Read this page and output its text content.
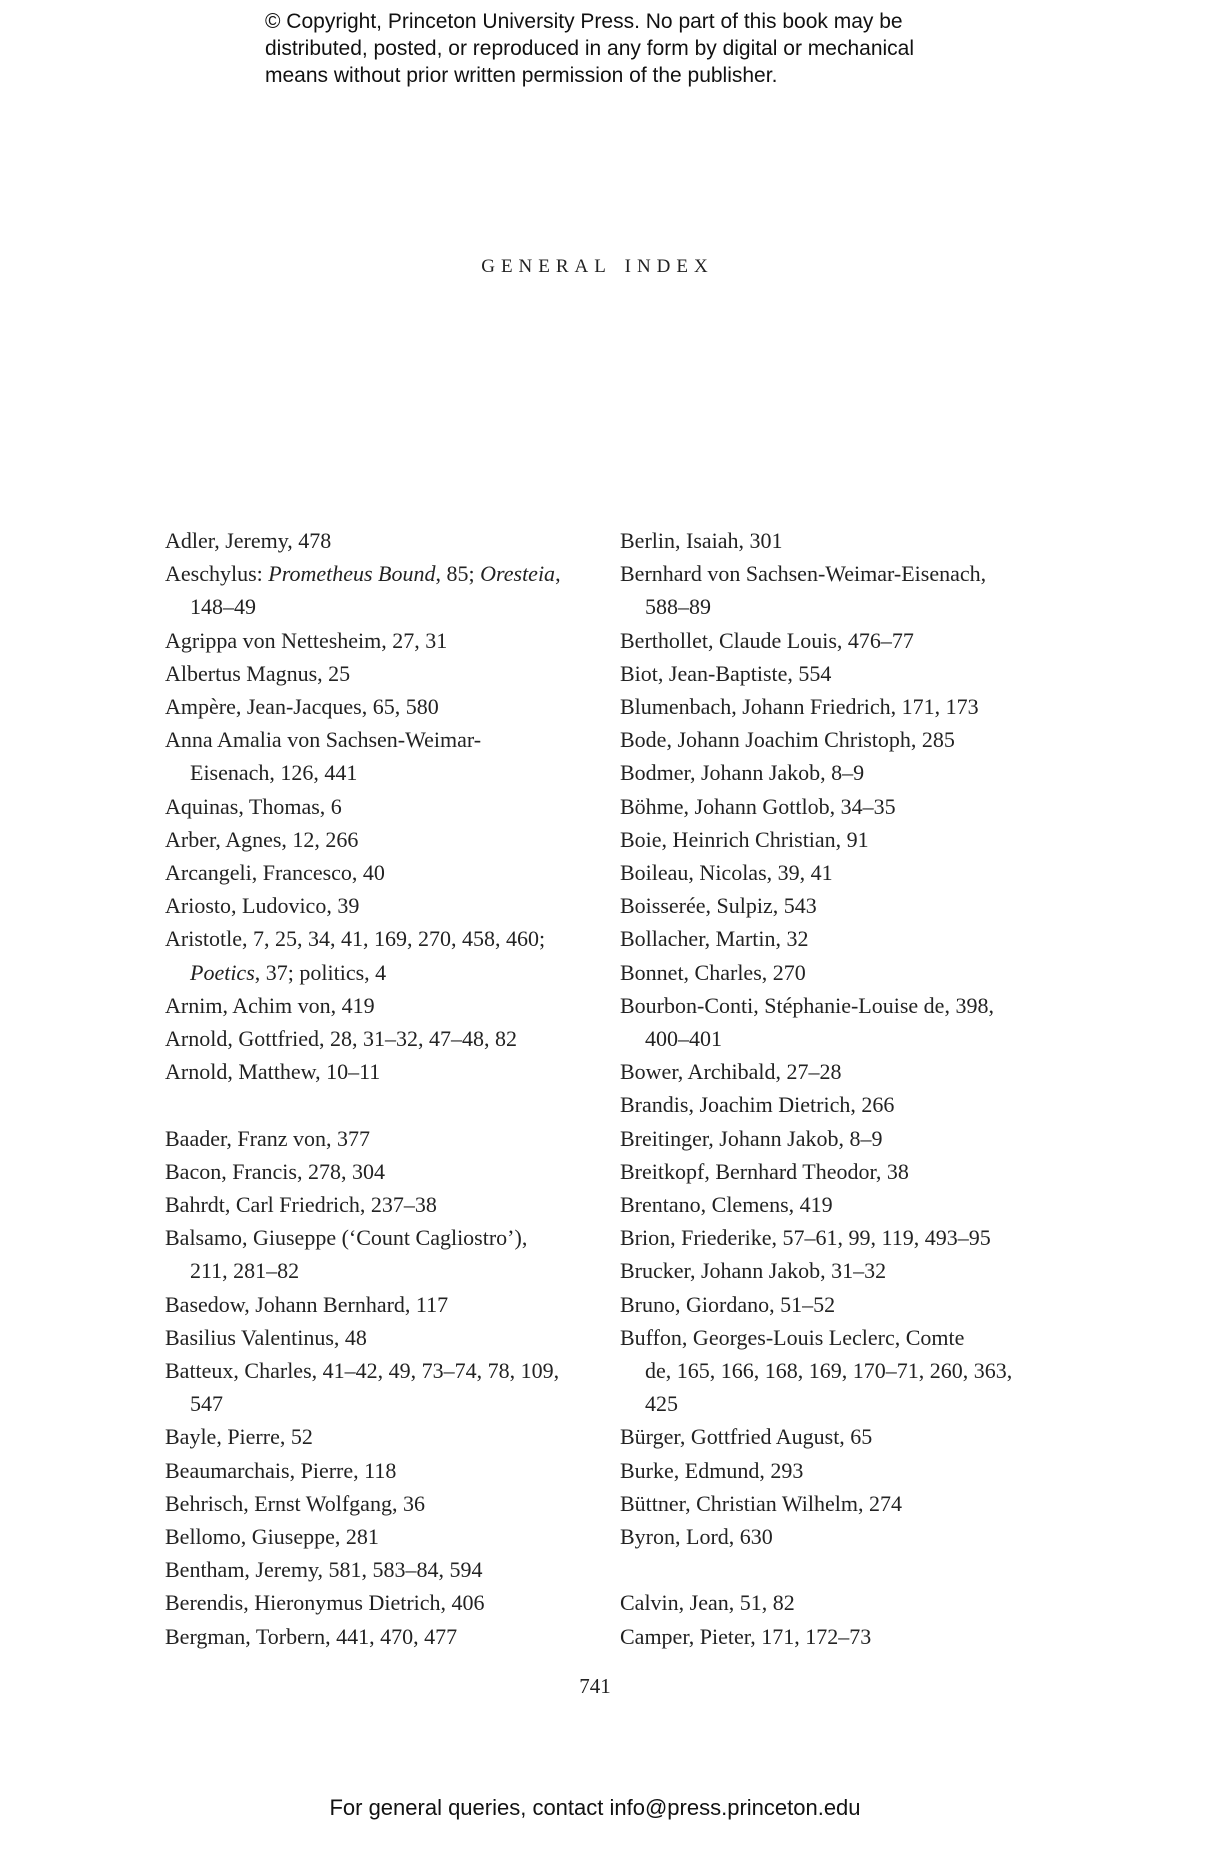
© Copyright, Princeton University Press. No part of this book may be
distributed, posted, or reproduced in any form by digital or mechanical
means without prior written permission of the publisher.
general index
Adler, Jeremy, 478
Aeschylus: Prometheus Bound, 85; Oresteia,
148–49
Agrippa von Nettesheim, 27, 31
Albertus Magnus, 25
Ampère, Jean-Jacques, 65, 580
Anna Amalia von Sachsen-Weimar-
Eisenach, 126, 441
Aquinas, Thomas, 6
Arber, Agnes, 12, 266
Arcangeli, Francesco, 40
Ariosto, Ludovico, 39
Aristotle, 7, 25, 34, 41, 169, 270, 458, 460;
Poetics, 37; politics, 4
Arnim, Achim von, 419
Arnold, Gottfried, 28, 31–32, 47–48, 82
Arnold, Matthew, 10–11
Baader, Franz von, 377
Bacon, Francis, 278, 304
Bahrdt, Carl Friedrich, 237–38
Balsamo, Giuseppe (‘Count Cagliostro’),
211, 281–82
Basedow, Johann Bernhard, 117
Basilius Valentinus, 48
Batteux, Charles, 41–42, 49, 73–74, 78, 109,
547
Bayle, Pierre, 52
Beaumarchais, Pierre, 118
Behrisch, Ernst Wolfgang, 36
Bellomo, Giuseppe, 281
Bentham, Jeremy, 581, 583–84, 594
Berendis, Hieronymus Dietrich, 406
Bergman, Torbern, 441, 470, 477
Berlin, Isaiah, 301
Bernhard von Sachsen-Weimar-Eisenach,
588–89
Berthollet, Claude Louis, 476–77
Biot, Jean-Baptiste, 554
Blumenbach, Johann Friedrich, 171, 173
Bode, Johann Joachim Christoph, 285
Bodmer, Johann Jakob, 8–9
Böhme, Johann Gottlob, 34–35
Boie, Heinrich Christian, 91
Boileau, Nicolas, 39, 41
Boisserée, Sulpiz, 543
Bollacher, Martin, 32
Bonnet, Charles, 270
Bourbon-Conti, Stéphanie-Louise de, 398,
400–401
Bower, Archibald, 27–28
Brandis, Joachim Dietrich, 266
Breitinger, Johann Jakob, 8–9
Breitkopf, Bernhard Theodor, 38
Brentano, Clemens, 419
Brion, Friederike, 57–61, 99, 119, 493–95
Brucker, Johann Jakob, 31–32
Bruno, Giordano, 51–52
Buffon, Georges-Louis Leclerc, Comte
de, 165, 166, 168, 169, 170–71, 260, 363,
425
Bürger, Gottfried August, 65
Burke, Edmund, 293
Büttner, Christian Wilhelm, 274
Byron, Lord, 630
Calvin, Jean, 51, 82
Camper, Pieter, 171, 172–73
741
For general queries, contact info@press.princeton.edu
